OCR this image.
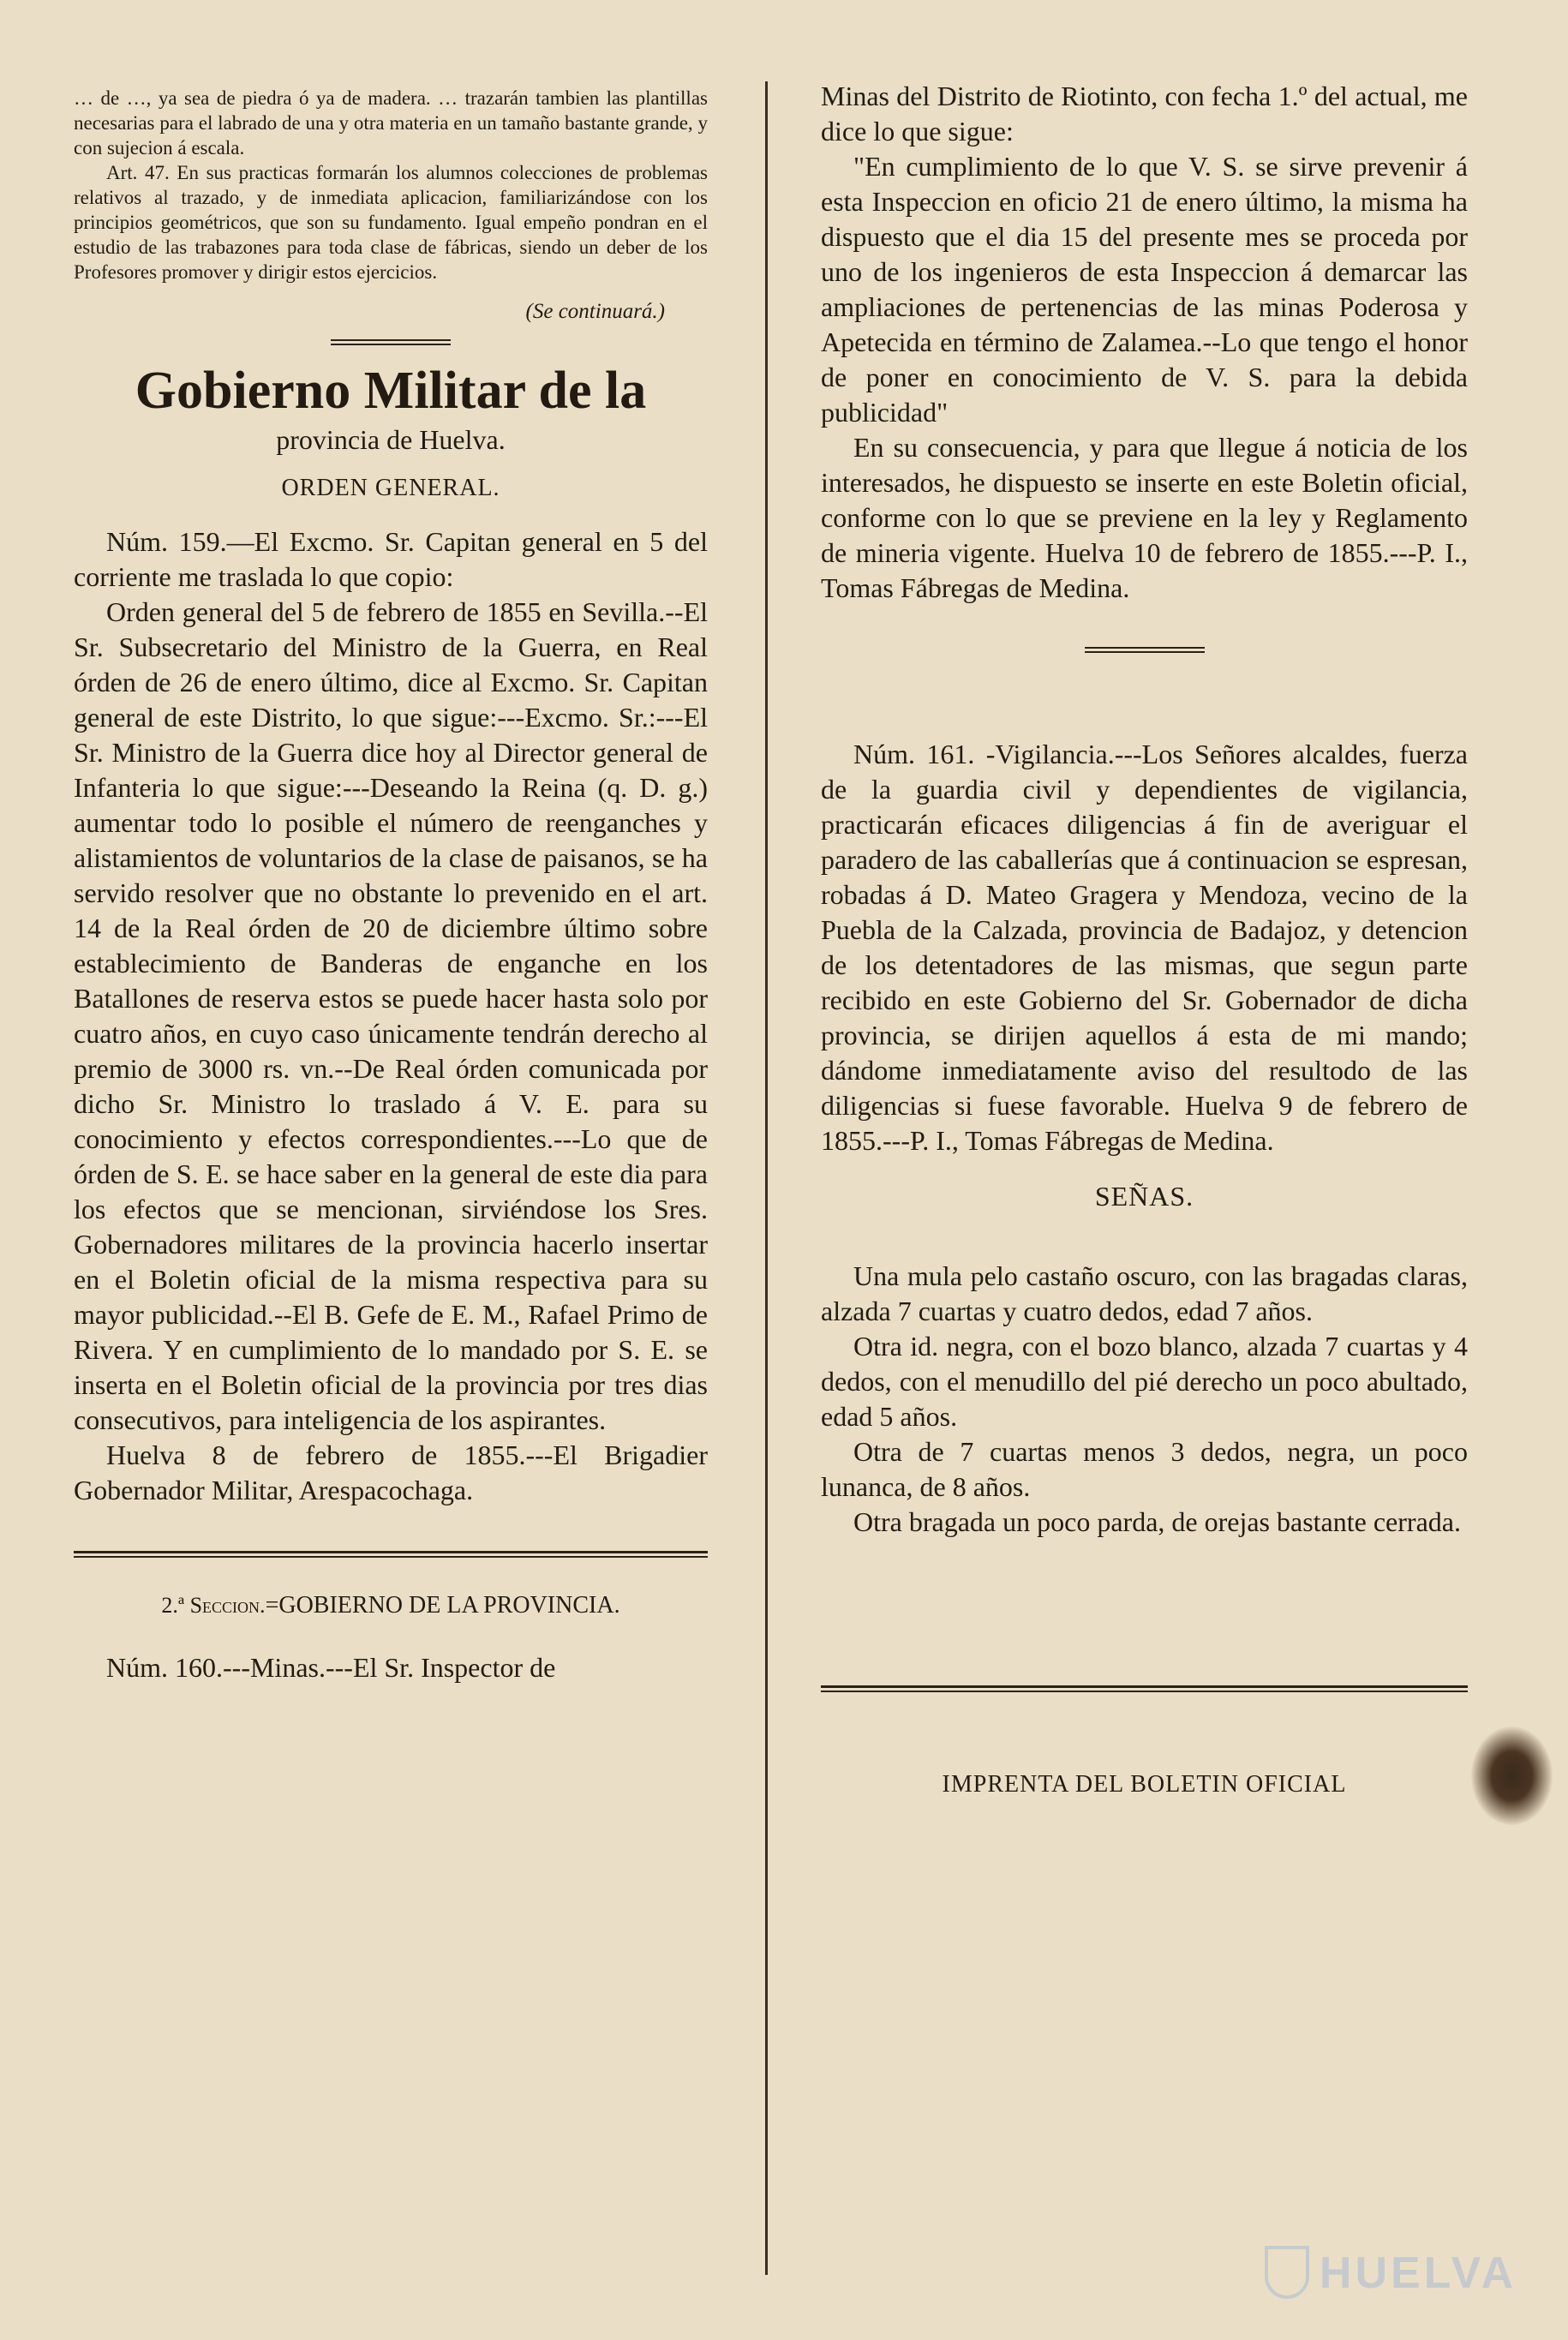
… de …, ya sea de piedra ó ya de madera. … trazarán tambien las plantillas necesarias para el labrado de una y otra materia en un tamaño bastante grande, y con sujecion á escala.

Art. 47. En sus practicas formarán los alumnos colecciones de problemas relativos al trazado, y de inmediata aplicacion, familiarizándose con los principios geométricos, que son su fundamento. Igual empeño pondran en el estudio de las trabazones para toda clase de fábricas, siendo un deber de los Profesores promover y dirigir estos ejercicios.

(Se continuará.)
Gobierno Militar de la
provincia de Huelva.
ORDEN GENERAL.

Núm. 159.—El Excmo. Sr. Capitan general en 5 del corriente me traslada lo que copio:

Orden general del 5 de febrero de 1855 en Sevilla.--El Sr. Subsecretario del Ministro de la Guerra, en Real órden de 26 de enero último, dice al Excmo. Sr. Capitan general de este Distrito, lo que sigue:---Excmo. Sr.:---El Sr. Ministro de la Guerra dice hoy al Director general de Infanteria lo que sigue:---Deseando la Reina (q. D. g.) aumentar todo lo posible el número de reenganches y alistamientos de voluntarios de la clase de paisanos, se ha servido resolver que no obstante lo prevenido en el art. 14 de la Real órden de 20 de diciembre último sobre establecimiento de Banderas de enganche en los Batallones de reserva estos se puede hacer hasta solo por cuatro años, en cuyo caso únicamente tendrán derecho al premio de 3000 rs. vn.--De Real órden comunicada por dicho Sr. Ministro lo traslado á V. E. para su conocimiento y efectos correspondientes.---Lo que de órden de S. E. se hace saber en la general de este dia para los efectos que se mencionan, sirviéndose los Sres. Gobernadores militares de la provincia hacerlo insertar en el Boletin oficial de la misma respectiva para su mayor publicidad.--El B. Gefe de E. M., Rafael Primo de Rivera. Y en cumplimiento de lo mandado por S. E. se inserta en el Boletin oficial de la provincia por tres dias consecutivos, para inteligencia de los aspirantes.

Huelva 8 de febrero de 1855.---El Brigadier Gobernador Militar, Arespacochaga.

2.ª Seccion.=GOBIERNO DE LA PROVINCIA.

Núm. 160.---Minas.---El Sr. Inspector de

Minas del Distrito de Riotinto, con fecha 1.º del actual, me dice lo que sigue:

"En cumplimiento de lo que V. S. se sirve prevenir á esta Inspeccion en oficio 21 de enero último, la misma ha dispuesto que el dia 15 del presente mes se proceda por uno de los ingenieros de esta Inspeccion á demarcar las ampliaciones de pertenencias de las minas Poderosa y Apetecida en término de Zalamea.--Lo que tengo el honor de poner en conocimiento de V. S. para la debida publicidad"

En su consecuencia, y para que llegue á noticia de los interesados, he dispuesto se inserte en este Boletin oficial, conforme con lo que se previene en la ley y Reglamento de mineria vigente. Huelva 10 de febrero de 1855.---P. I., Tomas Fábregas de Medina.

Núm. 161. -Vigilancia.---Los Señores alcaldes, fuerza de la guardia civil y dependientes de vigilancia, practicarán eficaces diligencias á fin de averiguar el paradero de las caballerías que á continuacion se espresan, robadas á D. Mateo Gragera y Mendoza, vecino de la Puebla de la Calzada, provincia de Badajoz, y detencion de los detentadores de las mismas, que segun parte recibido en este Gobierno del Sr. Gobernador de dicha provincia, se dirijen aquellos á esta de mi mando; dándome inmediatamente aviso del resultodo de las diligencias si fuese favorable. Huelva 9 de febrero de 1855.---P. I., Tomas Fábregas de Medina.

SEÑAS.

Una mula pelo castaño oscuro, con las bragadas claras, alzada 7 cuartas y cuatro dedos, edad 7 años.

Otra id. negra, con el bozo blanco, alzada 7 cuartas y 4 dedos, con el menudillo del pié derecho un poco abultado, edad 5 años.

Otra de 7 cuartas menos 3 dedos, negra, un poco lunanca, de 8 años.

Otra bragada un poco parda, de orejas bastante cerrada.

IMPRENTA DEL BOLETIN OFICIAL
HUELVA
